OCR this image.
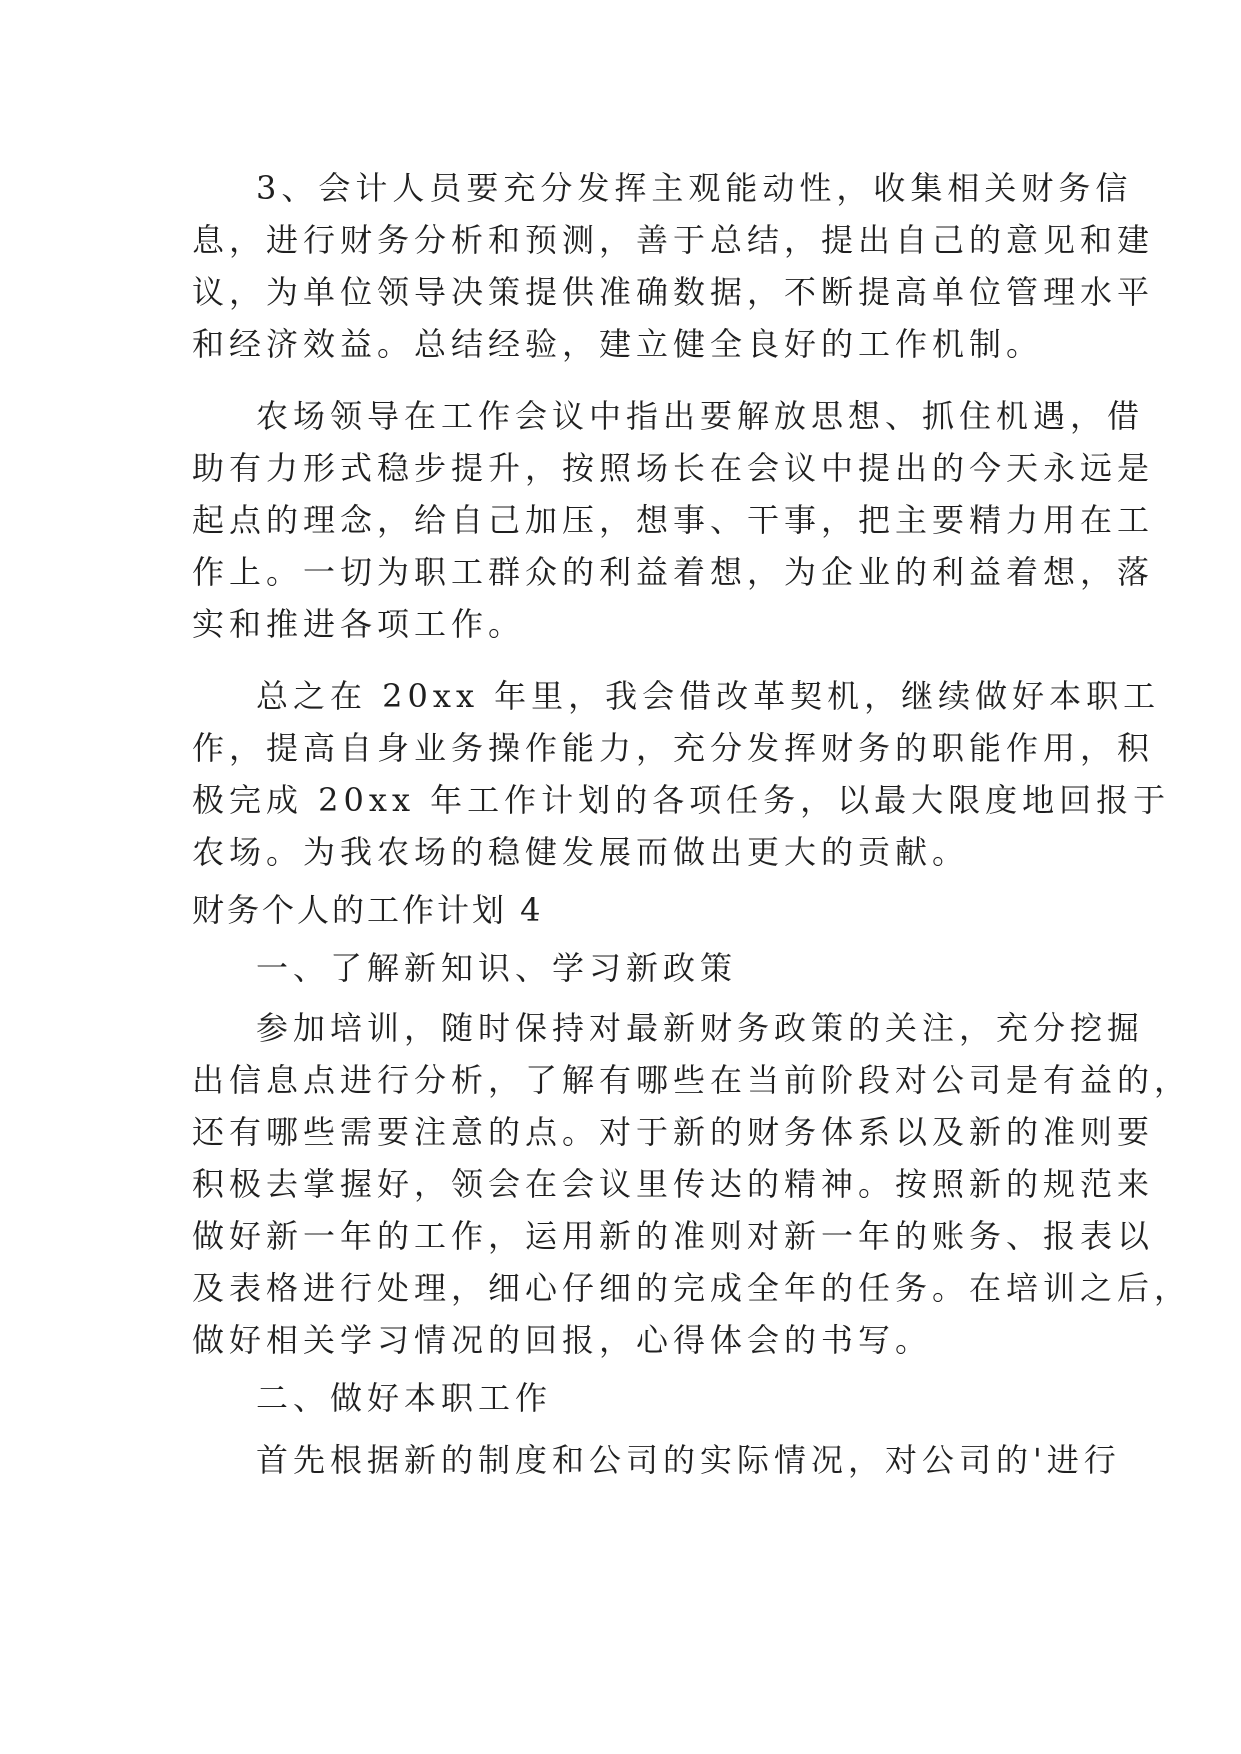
3、会计人员要充分发挥主观能动性，收集相关财务信
息，进行财务分析和预测，善于总结，提出自己的意见和建
议，为单位领导决策提供准确数据，不断提高单位管理水平
和经济效益。总结经验，建立健全良好的工作机制。
农场领导在工作会议中指出要解放思想、抓住机遇，借
助有力形式稳步提升，按照场长在会议中提出的今天永远是
起点的理念，给自己加压，想事、干事，把主要精力用在工
作上。一切为职工群众的利益着想，为企业的利益着想，落
实和推进各项工作。
总之在 20xx 年里，我会借改革契机，继续做好本职工
作，提高自身业务操作能力，充分发挥财务的职能作用，积
极完成 20xx 年工作计划的各项任务，以最大限度地回报于
农场。为我农场的稳健发展而做出更大的贡献。
财务个人的工作计划 4
一、了解新知识、学习新政策
参加培训，随时保持对最新财务政策的关注，充分挖掘
出信息点进行分析，了解有哪些在当前阶段对公司是有益的，
还有哪些需要注意的点。对于新的财务体系以及新的准则要
积极去掌握好，领会在会议里传达的精神。按照新的规范来
做好新一年的工作，运用新的准则对新一年的账务、报表以
及表格进行处理，细心仔细的完成全年的任务。在培训之后，
做好相关学习情况的回报，心得体会的书写。
二、做好本职工作
首先根据新的制度和公司的实际情况，对公司的'进行
